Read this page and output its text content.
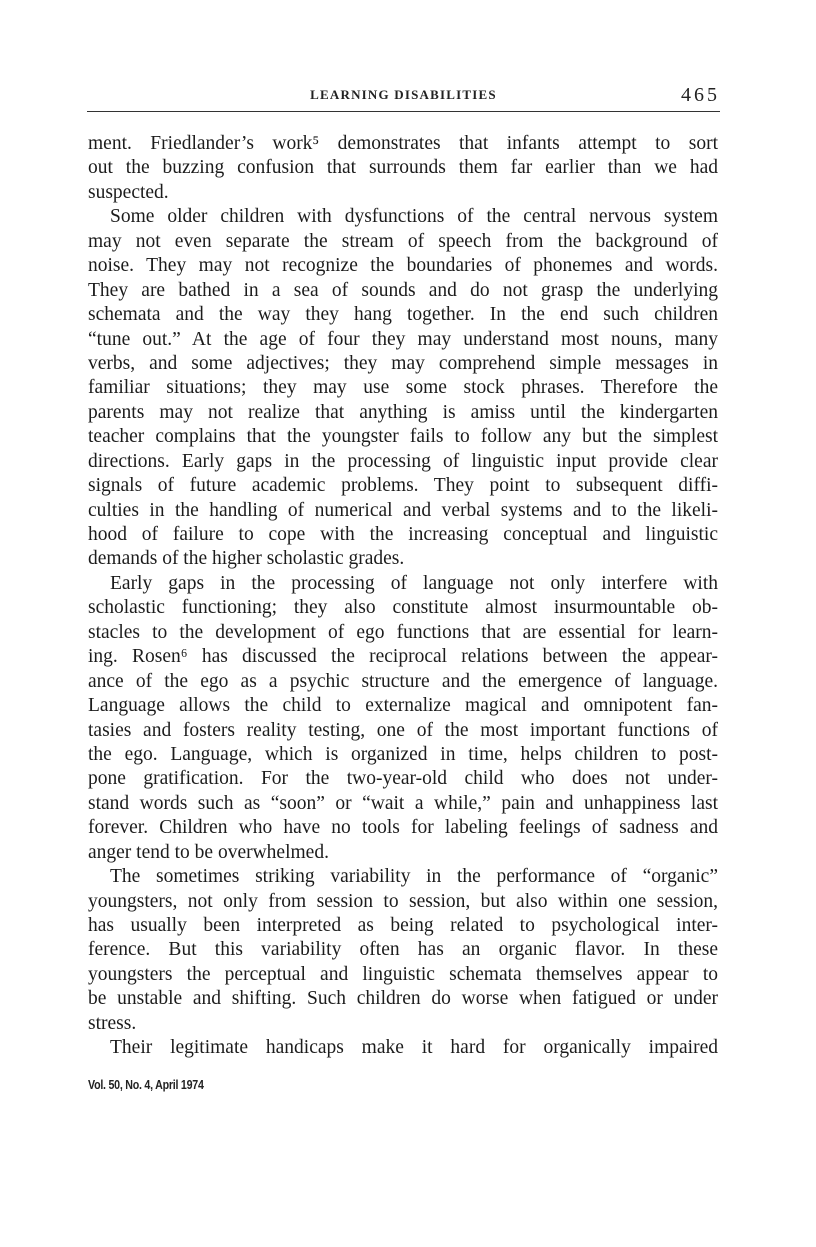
LEARNING DISABILITIES	465
ment. Friedlander’s work⁵ demonstrates that infants attempt to sort
out the buzzing confusion that surrounds them far earlier than we had
suspected.
Some older children with dysfunctions of the central nervous system
may not even separate the stream of speech from the background of
noise. They may not recognize the boundaries of phonemes and words.
They are bathed in a sea of sounds and do not grasp the underlying
schemata and the way they hang together. In the end such children
“tune out.” At the age of four they may understand most nouns, many
verbs, and some adjectives; they may comprehend simple messages in
familiar situations; they may use some stock phrases. Therefore the
parents may not realize that anything is amiss until the kindergarten
teacher complains that the youngster fails to follow any but the simplest
directions. Early gaps in the processing of linguistic input provide clear
signals of future academic problems. They point to subsequent diffi-
culties in the handling of numerical and verbal systems and to the likeli-
hood of failure to cope with the increasing conceptual and linguistic
demands of the higher scholastic grades.
Early gaps in the processing of language not only interfere with
scholastic functioning; they also constitute almost insurmountable ob-
stacles to the development of ego functions that are essential for learn-
ing. Rosen⁶ has discussed the reciprocal relations between the appear-
ance of the ego as a psychic structure and the emergence of language.
Language allows the child to externalize magical and omnipotent fan-
tasies and fosters reality testing, one of the most important functions of
the ego. Language, which is organized in time, helps children to post-
pone gratification. For the two-year-old child who does not under-
stand words such as “soon” or “wait a while,” pain and unhappiness last
forever. Children who have no tools for labeling feelings of sadness and
anger tend to be overwhelmed.
The sometimes striking variability in the performance of “organic”
youngsters, not only from session to session, but also within one session,
has usually been interpreted as being related to psychological inter-
ference. But this variability often has an organic flavor. In these
youngsters the perceptual and linguistic schemata themselves appear to
be unstable and shifting. Such children do worse when fatigued or under
stress.
Their legitimate handicaps make it hard for organically impaired
Vol. 50, No. 4, April 1974
